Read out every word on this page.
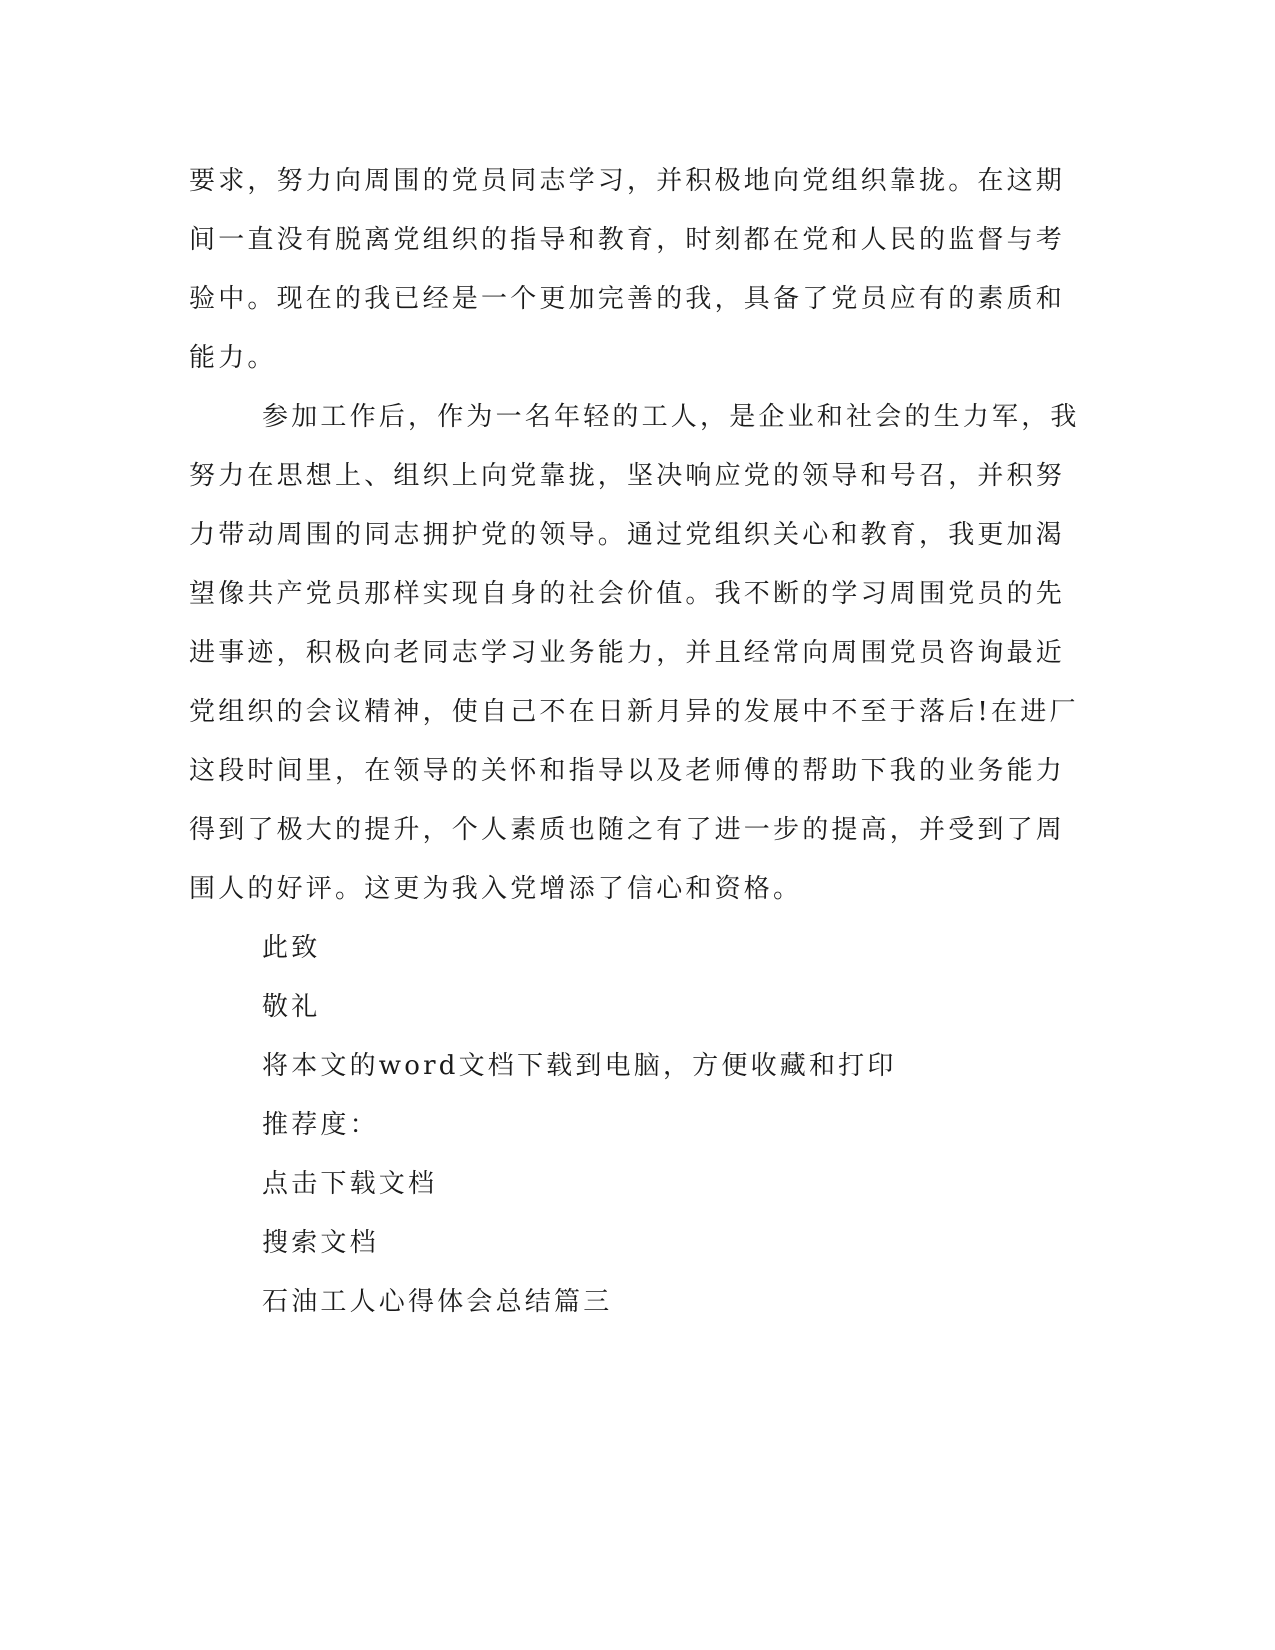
要求，努力向周围的党员同志学习，并积极地向党组织靠拢。在这期
间一直没有脱离党组织的指导和教育，时刻都在党和人民的监督与考
验中。现在的我已经是一个更加完善的我，具备了党员应有的素质和
能力。
参加工作后，作为一名年轻的工人，是企业和社会的生力军，我
努力在思想上、组织上向党靠拢，坚决响应党的领导和号召，并积努
力带动周围的同志拥护党的领导。通过党组织关心和教育，我更加渴
望像共产党员那样实现自身的社会价值。我不断的学习周围党员的先
进事迹，积极向老同志学习业务能力，并且经常向周围党员咨询最近
党组织的会议精神，使自己不在日新月异的发展中不至于落后!在进厂
这段时间里，在领导的关怀和指导以及老师傅的帮助下我的业务能力
得到了极大的提升，个人素质也随之有了进一步的提高，并受到了周
围人的好评。这更为我入党增添了信心和资格。
此致
敬礼
将本文的word文档下载到电脑，方便收藏和打印
推荐度：
点击下载文档
搜索文档
石油工人心得体会总结篇三
